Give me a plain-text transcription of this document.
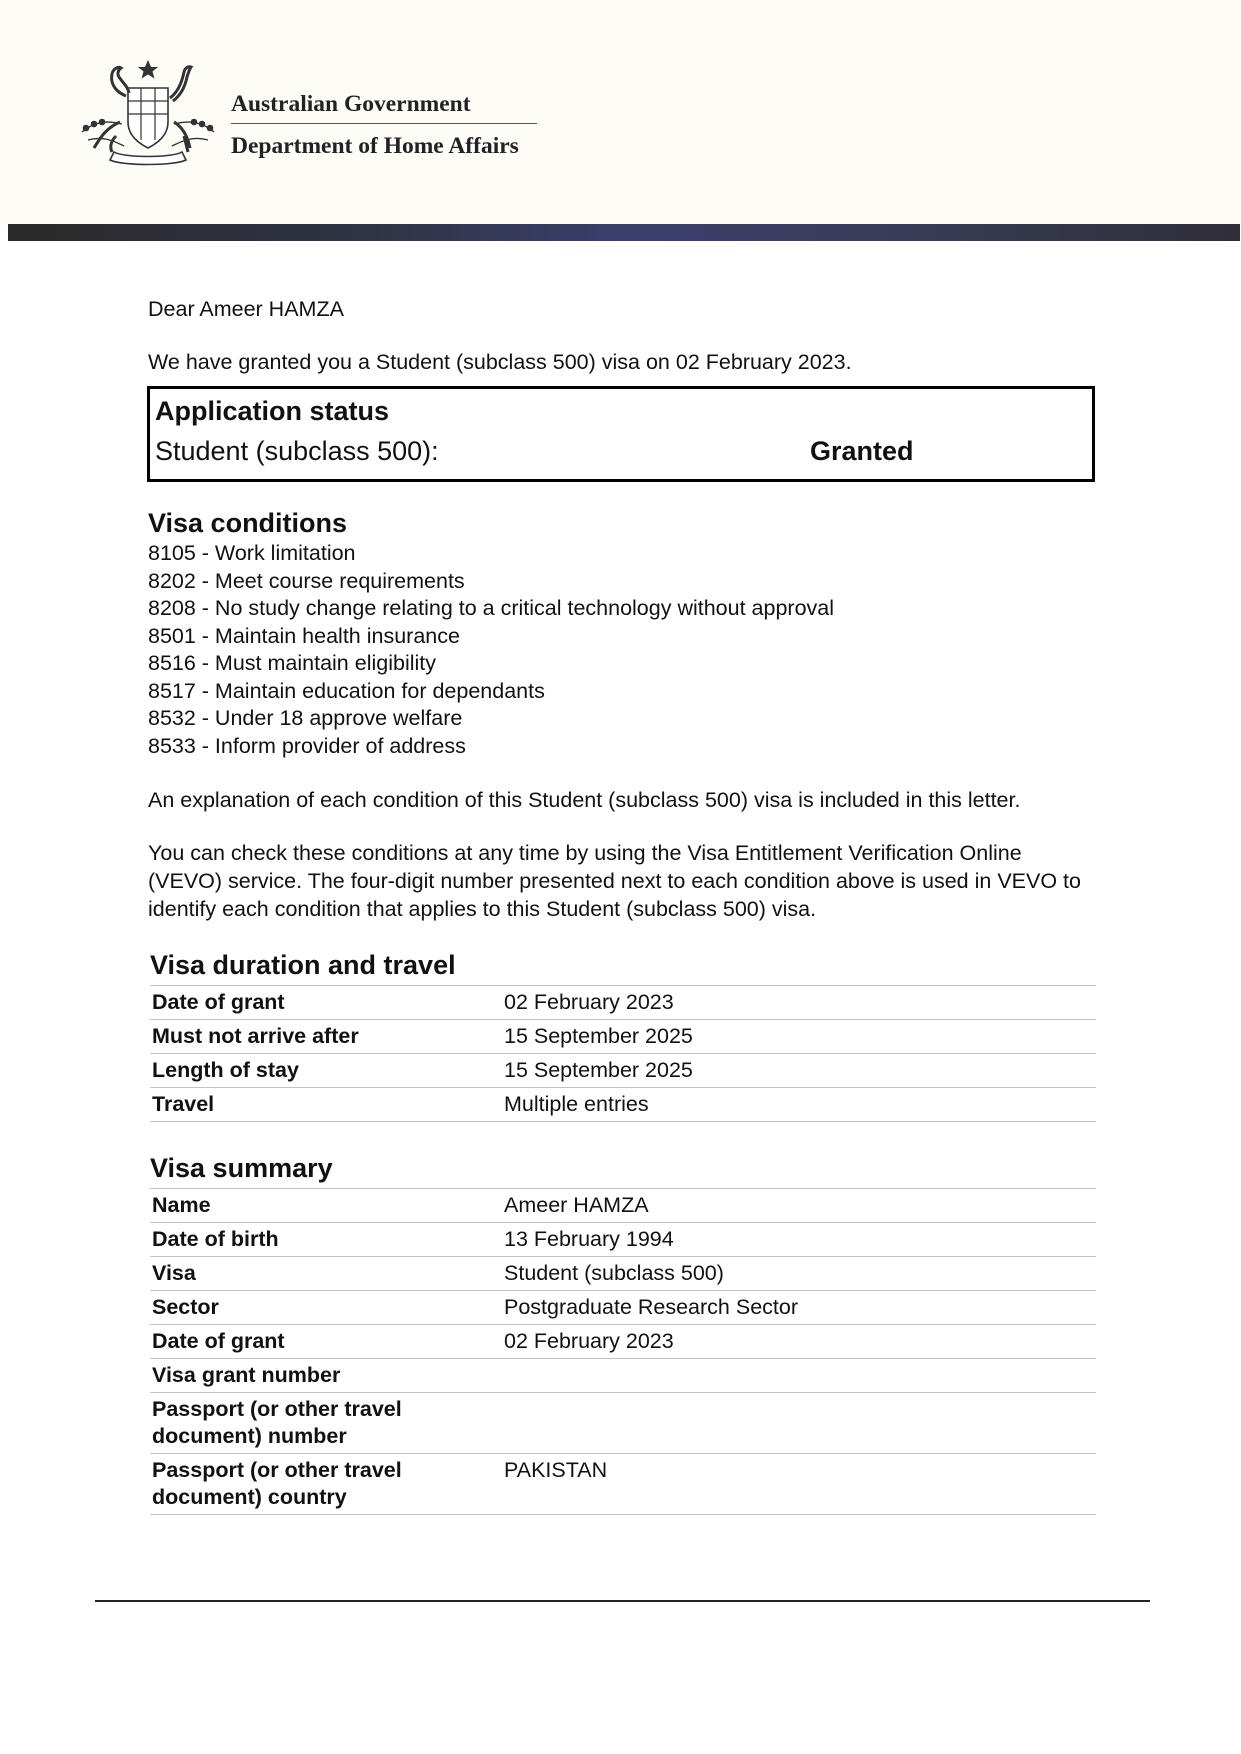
Australian Government
Department of Home Affairs

Dear Ameer HAMZA

We have granted you a Student (subclass 500) visa on 02 February 2023.

Application status
Student (subclass 500):	Granted
Visa conditions
8105 - Work limitation
8202 - Meet course requirements
8208 - No study change relating to a critical technology without approval
8501 - Maintain health insurance
8516 - Must maintain eligibility
8517 - Maintain education for dependants
8532 - Under 18 approve welfare
8533 - Inform provider of address

An explanation of each condition of this Student (subclass 500) visa is included in this letter.

You can check these conditions at any time by using the Visa Entitlement Verification Online (VEVO) service. The four-digit number presented next to each condition above is used in VEVO to identify each condition that applies to this Student (subclass 500) visa.

Visa duration and travel
Date of grant	02 February 2023
Must not arrive after	15 September 2025
Length of stay	15 September 2025
Travel	Multiple entries
Visa summary
Name	Ameer HAMZA
Date of birth	13 February 1994
Visa	Student (subclass 500)
Sector	Postgraduate Research Sector
Date of grant	02 February 2023
Visa grant number	
Passport (or other travel document) number	
Passport (or other travel document) country	PAKISTAN
